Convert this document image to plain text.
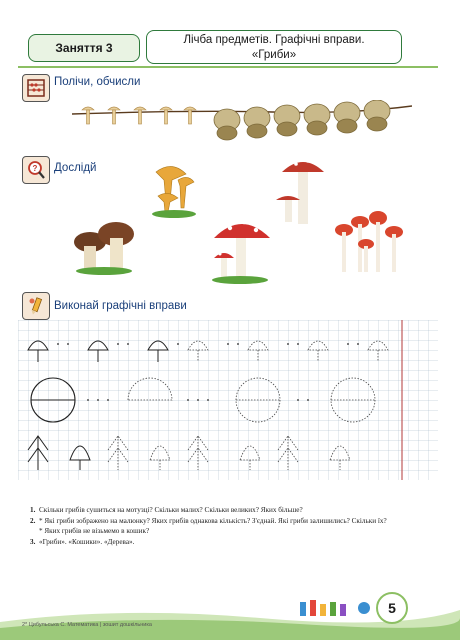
Заняття 3
Лічба предметів. Графічні вправи.
«Гриби»
Полічи, обчисли
? Дослідй
Виконай графічні вправи

1. Скільки грибів сушиться на мотузці? Скільки малих? Скільки великих? Яких більше?

2. * Які гриби зображено на малюнку? Яких грибів однакова кількість? З'єднай. Які гриби залишились? Скільки їх?

* Яких грибів не візьмемо в кошик?

3. «Гриби». «Кошики». «Дерева».

2* Цибульська С. Математика | зошит дошкільника
5
